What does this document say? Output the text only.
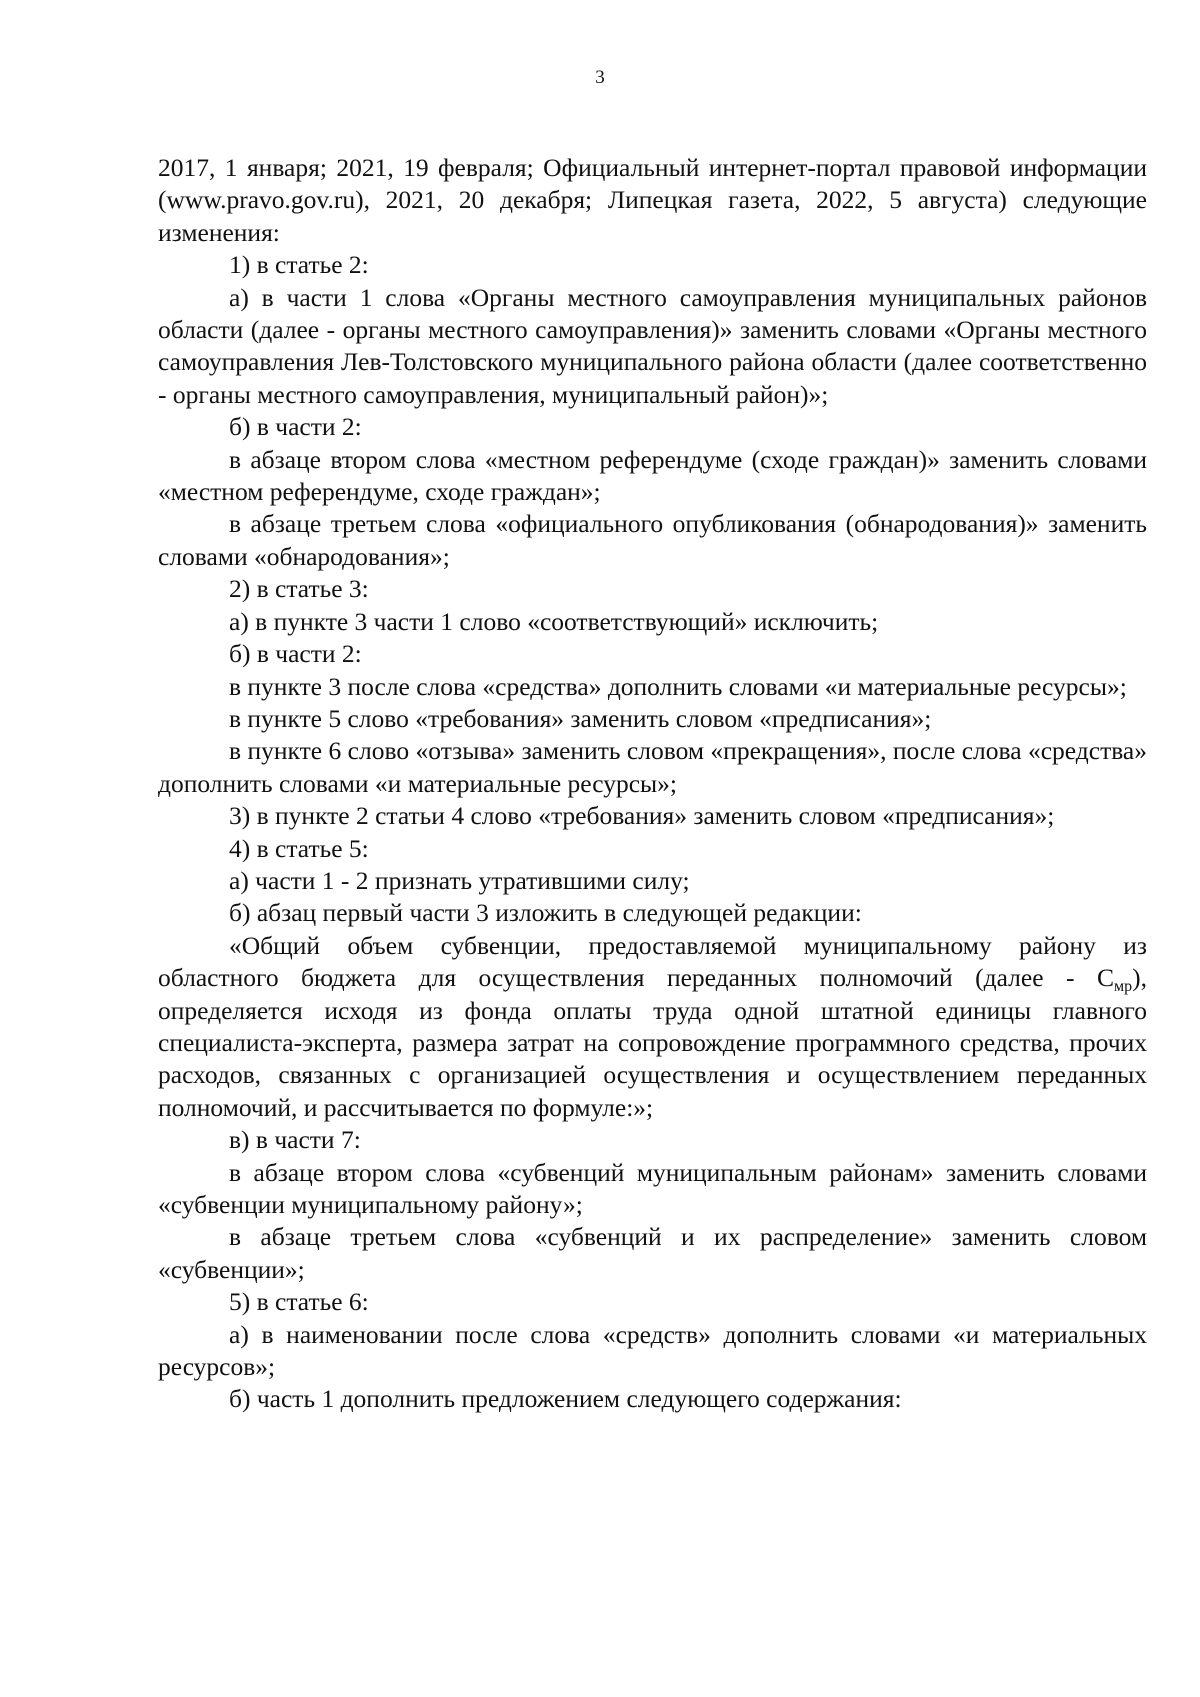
3

2017, 1 января; 2021, 19 февраля; Официальный интернет-портал правовой информации (www.pravo.gov.ru), 2021, 20 декабря; Липецкая газета, 2022, 5 августа) следующие изменения:

1) в статье 2:

а) в части 1 слова «Органы местного самоуправления муниципальных районов области (далее - органы местного самоуправления)» заменить словами «Органы местного самоуправления Лев-Толстовского муниципального района области (далее соответственно - органы местного самоуправления, муниципальный район)»;

б) в части 2:

в абзаце втором слова «местном референдуме (сходе граждан)» заменить словами «местном референдуме, сходе граждан»;

в абзаце третьем слова «официального опубликования (обнародования)» заменить словами «обнародования»;

2) в статье 3:

а) в пункте 3 части 1 слово «соответствующий» исключить;

б) в части 2:

в пункте 3 после слова «средства» дополнить словами «и материальные ресурсы»;

в пункте 5 слово «требования» заменить словом «предписания»;

в пункте 6 слово «отзыва» заменить словом «прекращения», после слова «средства» дополнить словами «и материальные ресурсы»;

3) в пункте 2 статьи 4 слово «требования» заменить словом «предписания»;

4) в статье 5:

а) части 1 - 2 признать утратившими силу;

б) абзац первый части 3 изложить в следующей редакции:

«Общий объем субвенции, предоставляемой муниципальному району из областного бюджета для осуществления переданных полномочий (далее - $С_{мр}$), определяется исходя из фонда оплаты труда одной штатной единицы главного специалиста-эксперта, размера затрат на сопровождение программного средства, прочих расходов, связанных с организацией осуществления и осуществлением переданных полномочий, и рассчитывается по формуле:»;

в) в части 7:

в абзаце втором слова «субвенций муниципальным районам» заменить словами «субвенции муниципальному району»;

в абзаце третьем слова «субвенций и их распределение» заменить словом «субвенции»;

5) в статье 6:

а) в наименовании после слова «средств» дополнить словами «и материальных ресурсов»;

б) часть 1 дополнить предложением следующего содержания:
